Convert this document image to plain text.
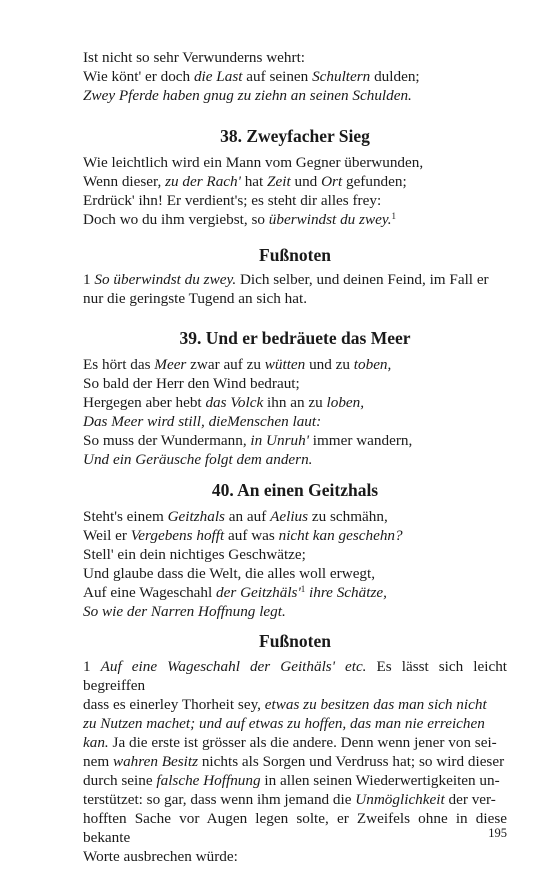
Ist nicht so sehr Verwunderns wehrt:
Wie könt' er doch die Last auf seinen Schultern dulden;
Zwey Pferde haben gnug zu ziehn an seinen Schulden.
38. Zweyfacher Sieg
Wie leichtlich wird ein Mann vom Gegner überwunden,
Wenn dieser, zu der Rach' hat Zeit und Ort gefunden;
Erdrück' ihn! Er verdient's; es steht dir alles frey:
Doch wo du ihm vergiebst, so überwindst du zwey.$^1$
Fußnoten
1 So überwindst du zwey. Dich selber, und deinen Feind, im Fall er
nur die geringste Tugend an sich hat.
39. Und er bedräuete das Meer
Es hört das Meer zwar auf zu wütten und zu toben,
So bald der Herr den Wind bedraut;
Hergegen aber hebt das Volck ihn an zu loben,
Das Meer wird still, dieMenschen laut:
So muss der Wundermann, in Unruh' immer wandern,
Und ein Geräusche folgt dem andern.
40. An einen Geitzhals
Steht's einem Geitzhals an auf Aelius zu schmähn,
Weil er Vergebens hofft auf was nicht kan geschehn?
Stell' ein dein nichtiges Geschwätze;
Und glaube dass die Welt, die alles woll erwegt,
Auf eine Wageschahl der $Geitzhäls'^1$ ihre Schätze,
So wie der Narren Hoffnung legt.
Fußnoten
1 Auf eine Wageschahl der Geithäls' etc. Es lässt sich leicht begreiffen
dass es einerley Thorheit sey, etwas zu besitzen das man sich nicht
zu Nutzen machet; und auf etwas zu hoffen, das man nie erreichen
kan. Ja die erste ist grösser als die andere. Denn wenn jener von sei-
nem wahren Besitz nichts als Sorgen und Verdruss hat; so wird dieser
durch seine falsche Hoffnung in allen seinen Wiederwertigkeiten un-
terstützet: so gar, dass wenn ihm jemand die Unmöglichkeit der ver-
hofften Sache vor Augen legen solte, er Zweifels ohne in diese bekante
Worte ausbrechen würde:
195
